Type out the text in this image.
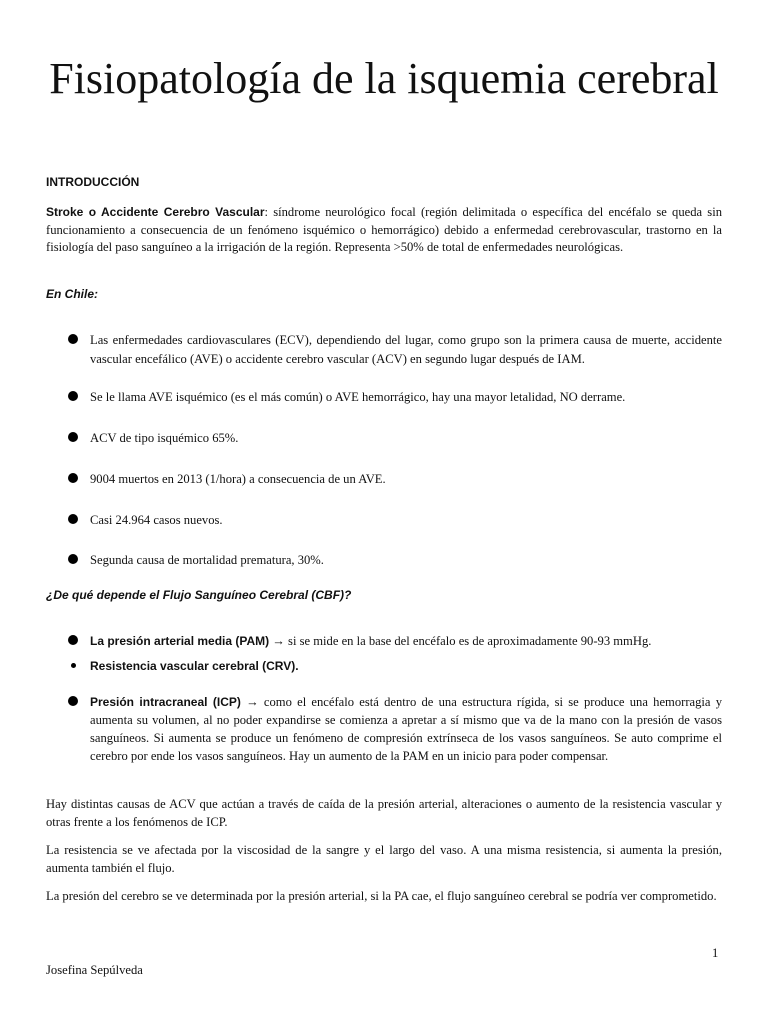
Fisiopatología de la isquemia cerebral
INTRODUCCIÓN

Stroke o Accidente Cerebro Vascular: síndrome neurológico focal (región delimitada o específica del encéfalo se queda sin funcionamiento a consecuencia de un fenómeno isquémico o hemorrágico) debido a enfermedad cerebrovascular, trastorno en la fisiología del paso sanguíneo a la irrigación de la región. Representa >50% de total de enfermedades neurológicas.

En Chile:

Las enfermedades cardiovasculares (ECV), dependiendo del lugar, como grupo son la primera causa de muerte, accidente vascular encefálico (AVE) o accidente cerebro vascular (ACV) en segundo lugar después de IAM.

Se le llama AVE isquémico (es el más común) o AVE hemorrágico, hay una mayor letalidad, NO derrame.

ACV de tipo isquémico 65%.

9004 muertos en 2013 (1/hora) a consecuencia de un AVE.

Casi 24.964 casos nuevos.

Segunda causa de mortalidad prematura, 30%.

¿De qué depende el Flujo Sanguíneo Cerebral (CBF)?

La presión arterial media (PAM) → si se mide en la base del encéfalo es de aproximadamente 90-93 mmHg.

Resistencia vascular cerebral (CRV).

Presión intracraneal (ICP) → como el encéfalo está dentro de una estructura rígida, si se produce una hemorragia y aumenta su volumen, al no poder expandirse se comienza a apretar a sí mismo que va de la mano con la presión de vasos sanguíneos. Si aumenta se produce un fenómeno de compresión extrínseca de los vasos sanguíneos. Se auto comprime el cerebro por ende los vasos sanguíneos. Hay un aumento de la PAM en un inicio para poder compensar.

Hay distintas causas de ACV que actúan a través de caída de la presión arterial, alteraciones o aumento de la resistencia vascular y otras frente a los fenómenos de ICP.

La resistencia se ve afectada por la viscosidad de la sangre y el largo del vaso. A una misma resistencia, si aumenta la presión, aumenta también el flujo.

La presión del cerebro se ve determinada por la presión arterial, si la PA cae, el flujo sanguíneo cerebral se podría ver comprometido.

1
Josefina Sepúlveda
